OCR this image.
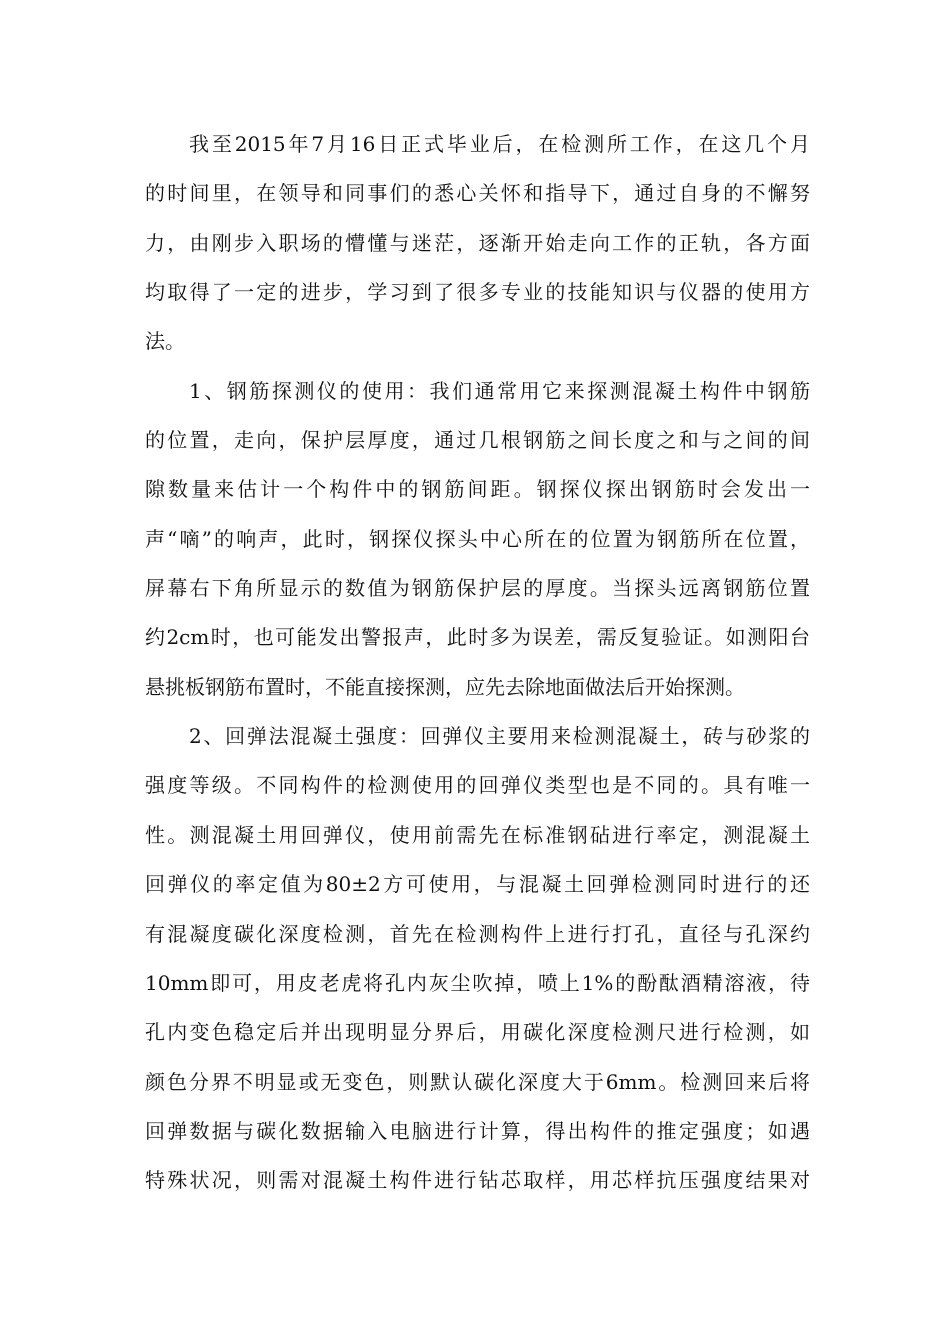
我至2015年7月16日正式毕业后，在检测所工作，在这几个月
的时间里，在领导和同事们的悉心关怀和指导下，通过自身的不懈努
力，由刚步入职场的懵懂与迷茫，逐渐开始走向工作的正轨，各方面
均取得了一定的进步，学习到了很多专业的技能知识与仪器的使用方
法。
1、钢筋探测仪的使用：我们通常用它来探测混凝土构件中钢筋
的位置，走向，保护层厚度，通过几根钢筋之间长度之和与之间的间
隙数量来估计一个构件中的钢筋间距。钢探仪探出钢筋时会发出一
声“嘀”的响声，此时，钢探仪探头中心所在的位置为钢筋所在位置，
屏幕右下角所显示的数值为钢筋保护层的厚度。当探头远离钢筋位置
约2cm时，也可能发出警报声，此时多为误差，需反复验证。如测阳台
悬挑板钢筋布置时，不能直接探测，应先去除地面做法后开始探测。
2、回弹法混凝土强度：回弹仪主要用来检测混凝土，砖与砂浆的
强度等级。不同构件的检测使用的回弹仪类型也是不同的。具有唯一
性。测混凝土用回弹仪，使用前需先在标准钢砧进行率定，测混凝土
回弹仪的率定值为80±2方可使用，与混凝土回弹检测同时进行的还
有混凝度碳化深度检测，首先在检测构件上进行打孔，直径与孔深约
10mm即可，用皮老虎将孔内灰尘吹掉，喷上1%的酚酞酒精溶液，待
孔内变色稳定后并出现明显分界后，用碳化深度检测尺进行检测，如
颜色分界不明显或无变色，则默认碳化深度大于6mm。检测回来后将
回弹数据与碳化数据输入电脑进行计算，得出构件的推定强度；如遇
特殊状况，则需对混凝土构件进行钻芯取样，用芯样抗压强度结果对
